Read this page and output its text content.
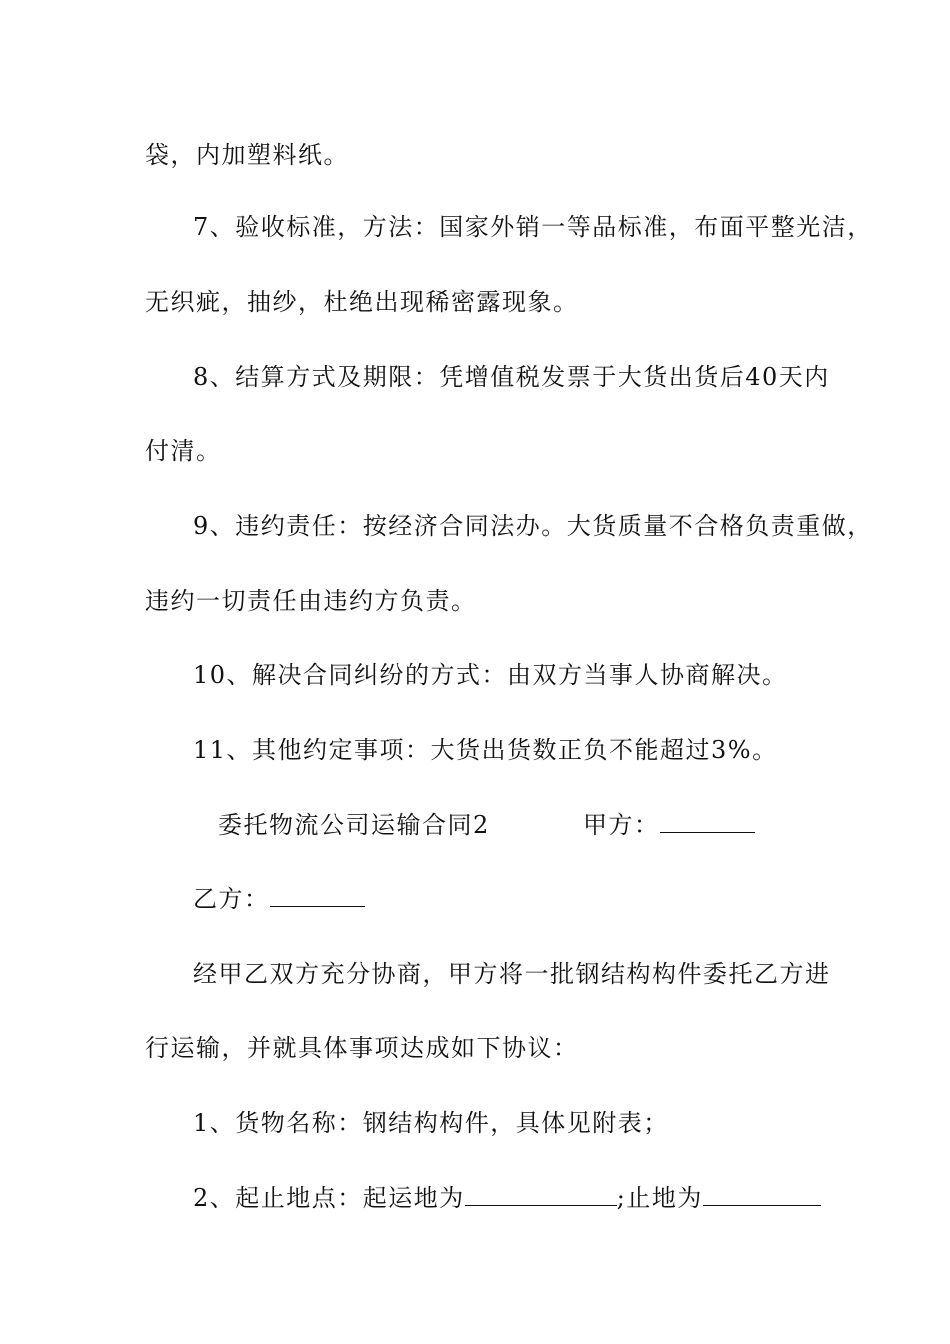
袋，内加塑料纸。
7、验收标准，方法：国家外销一等品标准，布面平整光洁，
无织疵，抽纱，杜绝出现稀密露现象。
8、结算方式及期限：凭增值税发票于大货出货后40天内
付清。
9、违约责任：按经济合同法办。大货质量不合格负责重做，
违约一切责任由违约方负责。
10、解决合同纠纷的方式：由双方当事人协商解决。
11、其他约定事项：大货出货数正负不能超过3%。
委托物流公司运输合同2	甲方：
乙方：
经甲乙双方充分协商，甲方将一批钢结构构件委托乙方进
行运输，并就具体事项达成如下协议：
1、货物名称：钢结构构件，具体见附表；
2、起止地点：起运地为	;止地为
